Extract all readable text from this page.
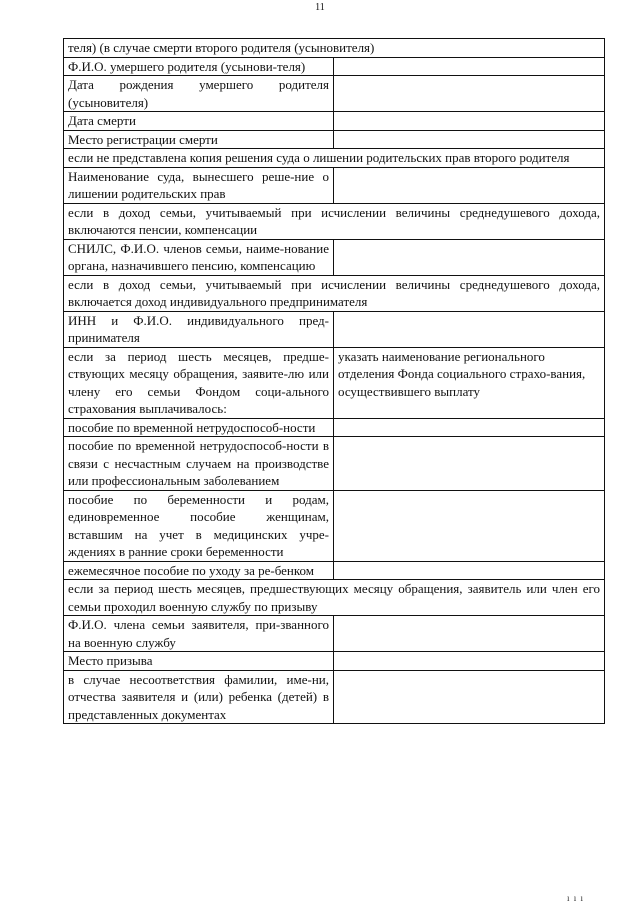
11
теля) (в случае смерти второго родителя (усыновителя)
Ф.И.О. умершего родителя (усынови-теля)
Дата рождения умершего родителя (усыновителя)
Дата смерти
Место регистрации смерти
если не представлена копия решения суда о лишении родительских прав второго родителя
Наименование суда, вынесшего реше-ние о лишении родительских прав
если в доход семьи, учитываемый при исчислении величины среднедушевого дохода, включаются пенсии, компенсации
СНИЛС, Ф.И.О. членов семьи, наиме-нование органа, назначившего пенсию, компенсацию
если в доход семьи, учитываемый при исчислении величины среднедушевого дохода, включается доход индивидуального предпринимателя
ИНН и Ф.И.О. индивидуального пред-принимателя
если за период шесть месяцев, предше-ствующих месяцу обращения, заявите-лю или члену его семьи Фондом соци-ального страхования выплачивалось:
указать наименование регионального отделения Фонда социального страхо-вания, осуществившего выплату
пособие по временной нетрудоспособ-ности
пособие по временной нетрудоспособ-ности в связи с несчастным случаем на производстве или профессиональным заболеванием
пособие по беременности и родам, единовременное пособие женщинам, вставшим на учет в медицинских учре-ждениях в ранние сроки беременности
ежемесячное пособие по уходу за ре-бенком
если за период шесть месяцев, предшествующих месяцу обращения, заявитель или член его семьи проходил военную службу по призыву
Ф.И.О. члена семьи заявителя, при-званного на военную службу
Место призыва
в случае несоответствия фамилии, име-ни, отчества заявителя и (или) ребенка (детей) в представленных документах
ı ı ı
